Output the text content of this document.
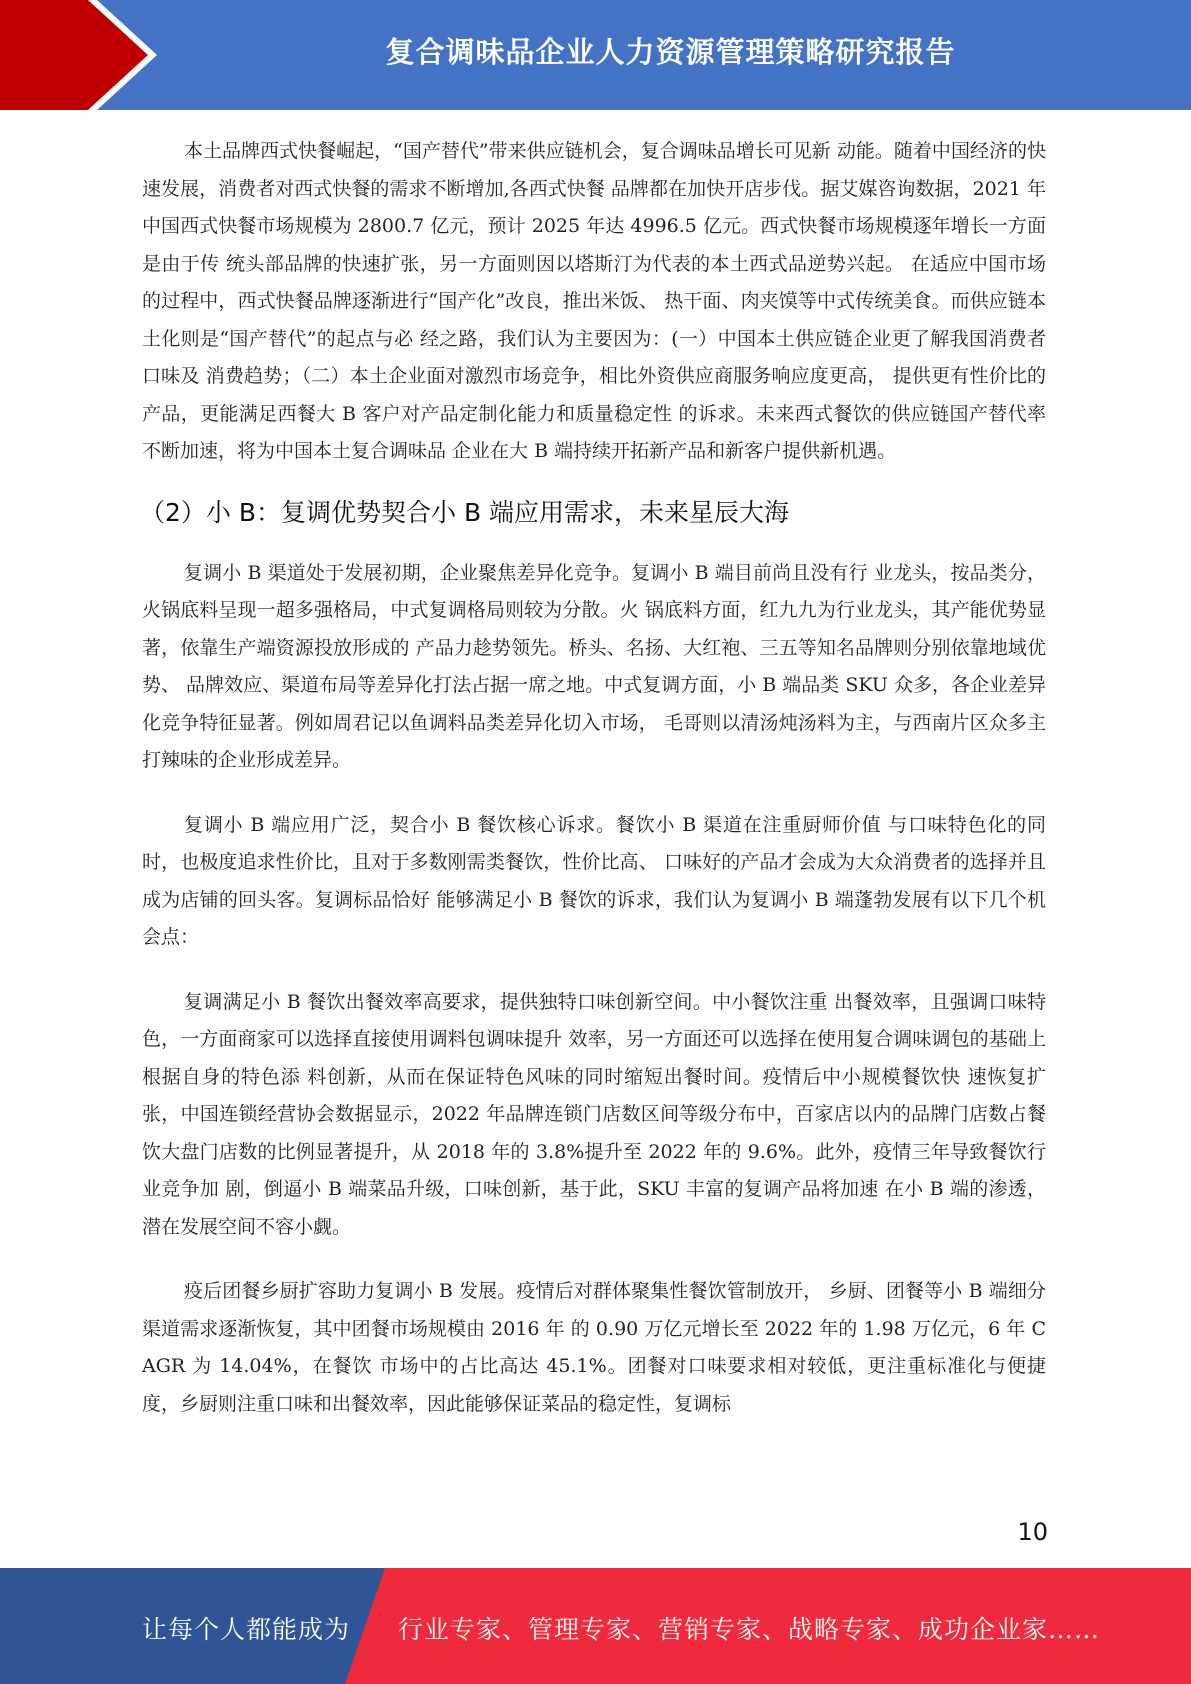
复合调味品企业人力资源管理策略研究报告

本土品牌西式快餐崛起，“国产替代”带来供应链机会，复合调味品增长可见新 动能。随着中国经济的快速发展，消费者对西式快餐的需求不断增加,各西式快餐 品牌都在加快开店步伐。据艾媒咨询数据，2021 年中国西式快餐市场规模为 2800.7 亿元，预计 2025 年达 4996.5 亿元。西式快餐市场规模逐年增长一方面是由于传 统头部品牌的快速扩张，另一方面则因以塔斯汀为代表的本土西式品逆势兴起。 在适应中国市场的过程中，西式快餐品牌逐渐进行“国产化”改良，推出米饭、 热干面、肉夹馍等中式传统美食。而供应链本土化则是“国产替代”的起点与必 经之路，我们认为主要因为：(一）中国本土供应链企业更了解我国消费者口味及 消费趋势；（二）本土企业面对激烈市场竞争，相比外资供应商服务响应度更高， 提供更有性价比的产品，更能满足西餐大 B 客户对产品定制化能力和质量稳定性 的诉求。未来西式餐饮的供应链国产替代率不断加速，将为中国本土复合调味品 企业在大 B 端持续开拓新产品和新客户提供新机遇。

（2）小 B：复调优势契合小 B 端应用需求，未来星辰大海

复调小 B 渠道处于发展初期，企业聚焦差异化竞争。复调小 B 端目前尚且没有行 业龙头，按品类分，火锅底料呈现一超多强格局，中式复调格局则较为分散。火 锅底料方面，红九九为行业龙头，其产能优势显著，依靠生产端资源投放形成的 产品力趁势领先。桥头、名扬、大红袍、三五等知名品牌则分别依靠地域优势、 品牌效应、渠道布局等差异化打法占据一席之地。中式复调方面，小 B 端品类 SKU 众多，各企业差异化竞争特征显著。例如周君记以鱼调料品类差异化切入市场， 毛哥则以清汤炖汤料为主，与西南片区众多主打辣味的企业形成差异。

复调小 B 端应用广泛，契合小 B 餐饮核心诉求。餐饮小 B 渠道在注重厨师价值 与口味特色化的同时，也极度追求性价比，且对于多数刚需类餐饮，性价比高、 口味好的产品才会成为大众消费者的选择并且成为店铺的回头客。复调标品恰好 能够满足小 B 餐饮的诉求，我们认为复调小 B 端蓬勃发展有以下几个机会点：

复调满足小 B 餐饮出餐效率高要求，提供独特口味创新空间。中小餐饮注重 出餐效率，且强调口味特色，一方面商家可以选择直接使用调料包调味提升 效率，另一方面还可以选择在使用复合调味调包的基础上根据自身的特色添 料创新，从而在保证特色风味的同时缩短出餐时间。疫情后中小规模餐饮快 速恢复扩张，中国连锁经营协会数据显示，2022 年品牌连锁门店数区间等级分布中，百家店以内的品牌门店数占餐饮大盘门店数的比例显著提升，从 2018 年的 3.8%提升至 2022 年的 9.6%。此外，疫情三年导致餐饮行业竞争加 剧，倒逼小 B 端菜品升级，口味创新，基于此，SKU 丰富的复调产品将加速 在小 B 端的渗透，潜在发展空间不容小觑。

疫后团餐乡厨扩容助力复调小 B 发展。疫情后对群体聚集性餐饮管制放开， 乡厨、团餐等小 B 端细分渠道需求逐渐恢复，其中团餐市场规模由 2016 年 的 0.90 万亿元增长至 2022 年的 1.98 万亿元，6 年 CAGR 为 14.04%，在餐饮 市场中的占比高达 45.1%。团餐对口味要求相对较低，更注重标准化与便捷 度，乡厨则注重口味和出餐效率，因此能够保证菜品的稳定性，复调标

10
让每个人都能成为 行业专家、管理专家、营销专家、战略专家、成功企业家……
